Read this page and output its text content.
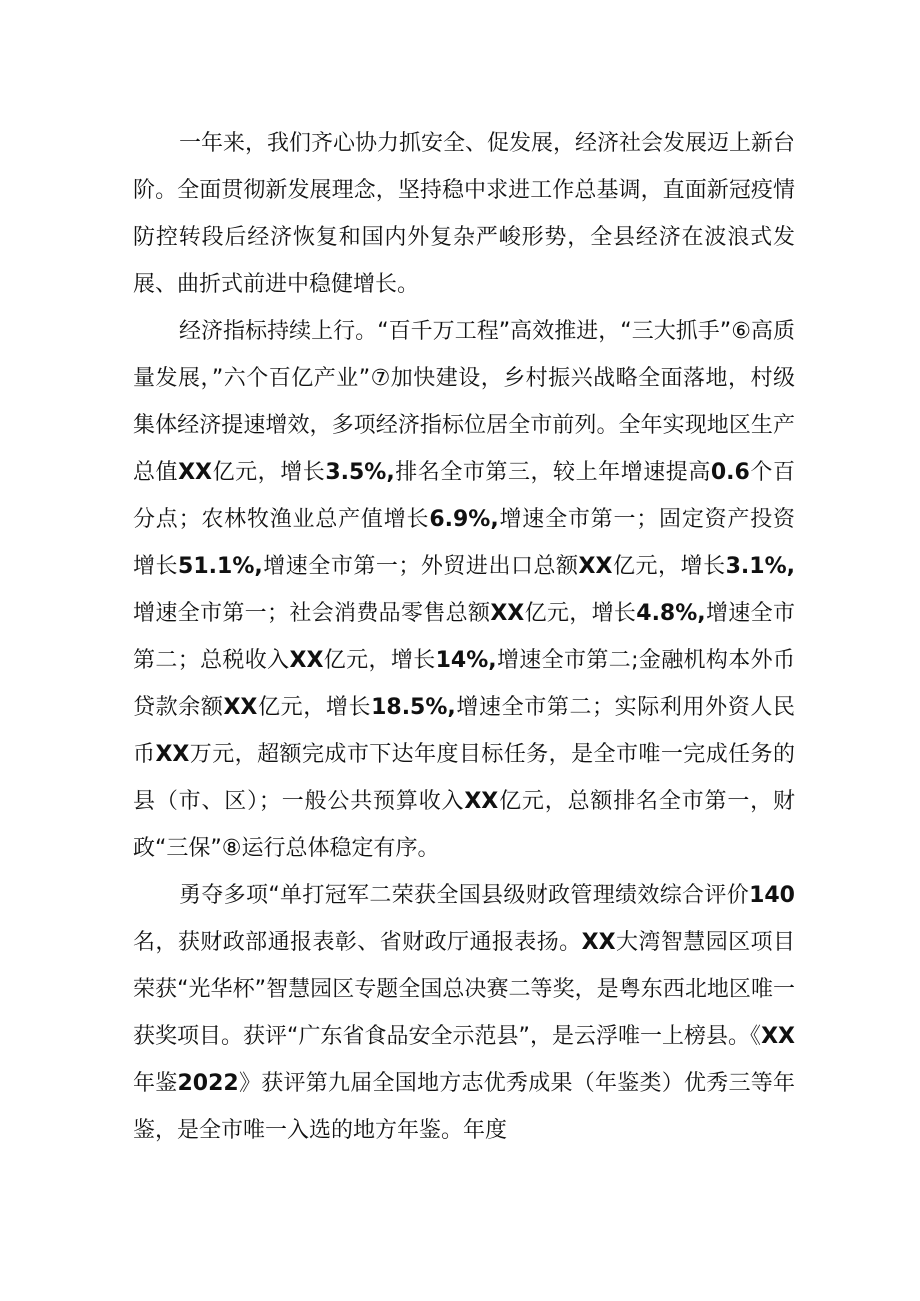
一年来，我们齐心协力抓安全、促发展，经济社会发展迈上新台阶。全面贯彻新发展理念，坚持稳中求进工作总基调，直面新冠疫情防控转段后经济恢复和国内外复杂严峻形势，全县经济在波浪式发展、曲折式前进中稳健增长。

经济指标持续上行。“百千万工程”高效推进，“三大抓手”⑥高质量发展，”六个百亿产业”⑦加快建设，乡村振兴战略全面落地，村级集体经济提速增效，多项经济指标位居全市前列。全年实现地区生产总值XX亿元，增长3.5%,排名全市第三，较上年增速提高0.6个百分点；农林牧渔业总产值增长6.9%,增速全市第一；固定资产投资增长51.1%,增速全市第一；外贸进出口总额XX亿元，增长3.1%,增速全市第一；社会消费品零售总额XX亿元，增长4.8%,增速全市第二；总税收入XX亿元，增长14%,增速全市第二;金融机构本外币贷款余额XX亿元，增长18.5%,增速全市第二；实际利用外资人民币XX万元，超额完成市下达年度目标任务，是全市唯一完成任务的县（市、区）；一般公共预算收入XX亿元，总额排名全市第一，财政“三保”⑧运行总体稳定有序。

勇夺多项“单打冠军二荣获全国县级财政管理绩效综合评价140名，获财政部通报表彰、省财政厅通报表扬。XX大湾智慧园区项目荣获“光华杯”智慧园区专题全国总决赛二等奖，是粤东西北地区唯一获奖项目。获评“广东省食品安全示范县”，是云浮唯一上榜县。《XX年鉴2022》获评第九届全国地方志优秀成果（年鉴类）优秀三等年鉴，是全市唯一入选的地方年鉴。年度
